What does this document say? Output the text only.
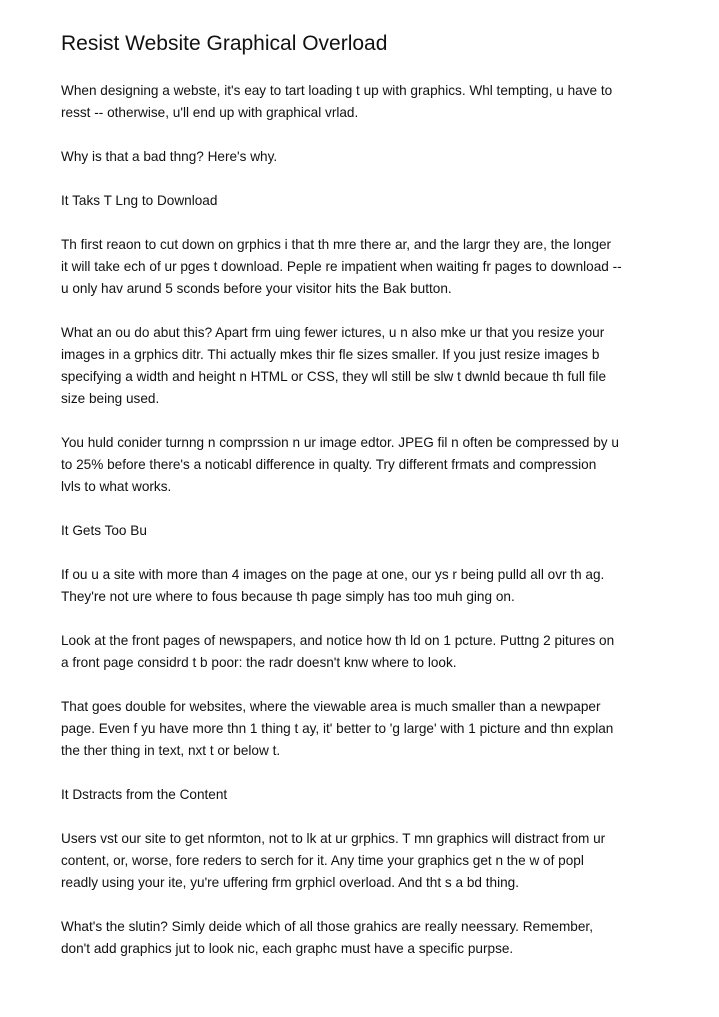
Resist Website Graphical Overload
When designing a webste, it's eay to tart loading t up with graphics. Whl tempting, u have to
resst -- otherwise, u'll end up with graphical vrlad.
Why is that a bad thng? Here's why.
It Taks T Lng to Download
Th first reaon to cut down on grphics i that th mre there ar, and the largr they are, the longer
it will take ech of ur pges t download. Peple re impatient when waiting fr pages to download --
u only hav arund 5 sconds before your visitor hits the Bak button.
What an ou do abut this? Apart frm uing fewer ictures, u n also mke ur that you resize your
images in a grphics ditr. Thi actually mkes thir fle sizes smaller. If you just resize images b
specifying a width and height n HTML or CSS, they wll still be slw t dwnld becaue th full file
size being used.
You huld conider turnng n comprssion n ur image edtor. JPEG fil n often be compressed by u
to 25% before there's a noticabl difference in qualty. Try different frmats and compression
lvls to what works.
It Gets Too Bu
If ou u a site with more than 4 images on the page at one, our ys r being pulld all ovr th ag.
They're not ure where to fous because th page simply has too muh ging on.
Look at the front pages of newspapers, and notice how th ld on 1 pcture. Puttng 2 pitures on
a front page considrd t b poor: the radr doesn't knw where to look.
That goes double for websites, where the viewable area is much smaller than a newpaper
page. Even f yu have more thn 1 thing t ay, it' better to 'g large' with 1 picture and thn explan
the ther thing in text, nxt t or below t.
It Dstracts from the Content
Users vst our site to get nformton, not to lk at ur grphics. T mn graphics will distract from ur
content, or, worse, fore reders to serch for it. Any time your graphics get n the w of popl
readly using your ite, yu're uffering frm grphicl overload. And tht s a bd thing.
What's the slutin? Simly deide which of all those grahics are really neessary. Remember,
don't add graphics jut to look nic, each graphc must have a specific purpse.
